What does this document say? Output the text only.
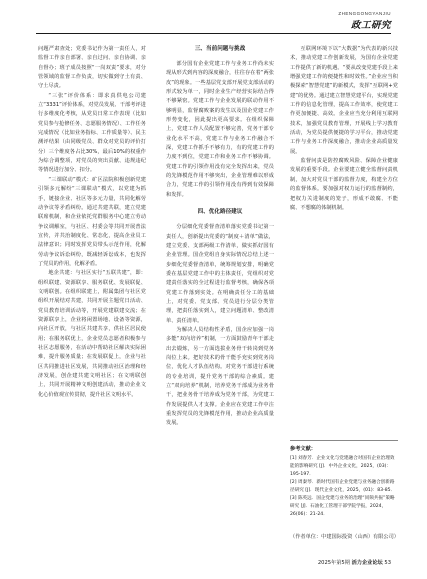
ZHENGGONGYANJIU
政工研究

问题严肃查处；党委书记作为第一责任人，对监督工作亲自部署、亲自过问、亲自协调、亲自督办；班子成员按照“一岗双责”要求，对分管领域的监督工作负责，切实做到守土有责、守土尽责。

“三张”评价体系：即求真供电公司建立“3331”评价体系，对党员发展、干部考评进行多维度化考核，从党员日常工作表现（比如党员参与抢修任务、志愿服务情况）、工作任务完成情况（比如业务指标、工作质量等）、民主测评结果（由同级党员、群众对党员的评价打分）三个维度各占比30%，最后10%的权重作为综合调整项，对党员的突出贡献、违规违纪等情况进行加分、扣分。

“三课联动”模式：矿区法院积极创新党建引领多元解纷“三课联动”模式，以党建为抓手，链接企业、社区等多元力量，共同化解劳动争议等矛盾纠纷。通过共建共联，建立党建联席机制，和企业依托党群服务中心建立劳动争议调解室，与社区、村委会等共同开展普法宣传，并共治制度化、常态化，提高企业员工法律意识；同时发挥党员带头示范作用，化解劳动争议诉讼纠纷，既减轻诉讼成本，也发挥了党员的作用，化解矛盾。

地企共建：与社区实行“五联共建”，即：组织联建、资源联享、服务联优、发展联促、文明联创。在组织联建上，附属集团与社区党组织开展结对共建，共同开展主题党日活动、党员教育培训活动等，开展党建联建交流；在资源联享上，企业将闲置场地、设备等资源，向社区开放，与社区共建共享，供社区居民使用；在服务联优上，企业党员志愿者积极参与社区志愿服务，在活动中帮助社区解决实际困难，提升服务质量；在发展联促上，企业与社区共同推进社区发展，共同推动社区治理和经济发展，创企建共建文明社区；在文明联创上，共同开展精神文明创建活动，推动企业文化心价值观宣传贯彻，提升社区文明水平。

三、当前问题与挑战

部分国有企业党建工作与业务工作尚未实现从形式到内容的深度融合，往往存在着“两张皮”的现象。一些基层党支部开展党支部活动的形式较为单一，同时企业生产经营实际结合得不够紧密。党建工作与企业发展的联动作用不够明显，监督腐败案的发生以及国企党建工作形势变化，因此提出更高要求。在组织保障上，党建工作人员配置不够完善，党务干部专业化水平不高，党建工作与业务工作融合不深，党建工作抓手不够有力，有的党建工作的力度不到位，党建工作和业务工作不够协调。党建工作的引领作用没有完全发挥出来，党员的先锋模范作用不够突出，企业管理难以形成合力，党建工作的引领作用没有得到有效保障和发挥。

四、优化路径建议

分层细化党委督查清单落实党委书记第一责任人，创新提出党委的“制度＋清单”做法，建立党委、支部两级工作清单，做实抓好国有企业管理。国企党组自身实际情况总结上述一步细化党委督查清单，统筹规划安排，明确党委在基层党建工作中的主体责任，党组织对党建责任落实的全过程进行监督考核，确保各项党建工作落到实处。在明确责任分工的基础上，对党委、党支部、党员进行分层分类管理，把责任落实到人，建立问题清单、整改清单、责任清单。

为解决人员结构性矛盾，国企应加强一岗多能“双向培养”机制，一方面鼓励青年干部走出去锻炼，另一方面选拔业务骨干转岗到党务岗位上来。把好技术的骨干能手充实到党务岗位，优化人才队伍结构。对党务干部进行系统的专业培训，提升党务干部的综合素质。建立“双向培养”机制，培养党务干部成为业务骨干，把业务骨干培养成为党务干部，为党建工作发展提供人才支撑。企业应在党建工作中注重发挥党员的先锋模范作用，推动企业高质量发展。

互联网环境下以“大数据”为代表的新兴技术，推动党建工作创新发展，为国有企业党建工作提供了新的机遇。“要从改变党建手段上来增强党建工作的便捷性和时效性。”企业应当积极探索“智慧党建”的新模式，发挥“互联网+党建”的优势。通过建立智慧党建平台，实现党建工作的信息化管理，提高工作效率，使党建工作更加便捷、高效。企业应当充分利用互联网技术，加强党员教育管理，开展线上学习教育活动，为党员提供便捷的学习平台，推动党建工作与业务工作深度融合，推动企业高质量发展。

监督问责是防控腐败风险、保障企业健康发展的重要手段。企业要建立健全监督问责机制，加大对党员干部的监督力度，构建全方位的监督体系。要加强对权力运行的监督制约，把权力关进制度的笼子，形成不敢腐、不能腐、不想腐的体制机制。

参考文献：

[1] 刘春芳．企业文化与党建融合对国有企业治理效能的影响研究 [J]．中外企业文化，2025，(03)：195-197．

[2] 周秦琴．新时代国有企业党建与业务融合创新路径研究 [J]．现代企业文化，2025，(01)：83-85．

[3] 陈英远．国企党建与业务的治理“同频共振”策略研究 [J]．石油化工管理干部学院学报，2024，26(06)：21-24．

（作者单位：中建国际投资（山西）有限公司）
2025年第5期 活力企业论坛 53
